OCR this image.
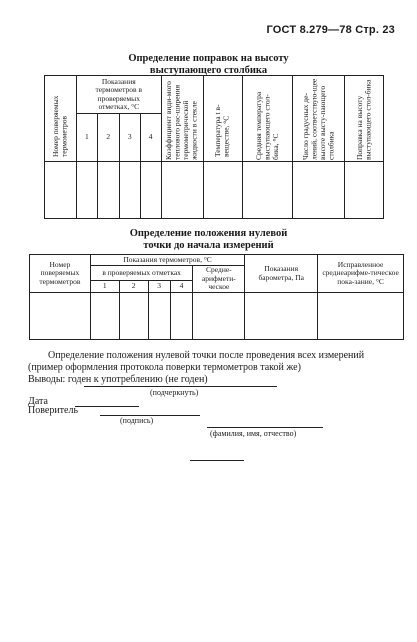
ГОСТ 8.279—78 Стр. 23
Определение поправок на высоту
выступающего столбика
Номер поверяемых термометров	Показания термометров в проверяемых отметках, °С				Коэффициент види-мого теплового рас-ширения термометрической жидкости в стекле	Температура t в-веществе, °С	Средняя температура выступающего стол-бика, °С	Число градусных де-лений, соответствую-щее высоте высту-пающего столбика	Поправка на высоту выступающего стол-бика

	1	2	3	4					

Определение положения нулевой
точки до начала измерений
Номер поверяемых термометров	Показания термометров, °С					Показания барометра, Па	Исправленное среднеарифме-тическое пока-зание, °С
	в проверяемых отметках				Средне-арифмети-ческое		
	1	2	3	4			

Определение положения нулевой точки после проведения всех измерений
(пример оформления протокола поверки термометров такой же)
Выводы: годен к употреблению (не годен)
(подчеркнуть)
Дата
Поверитель
(подпись)
(фамилия, имя, отчество)
